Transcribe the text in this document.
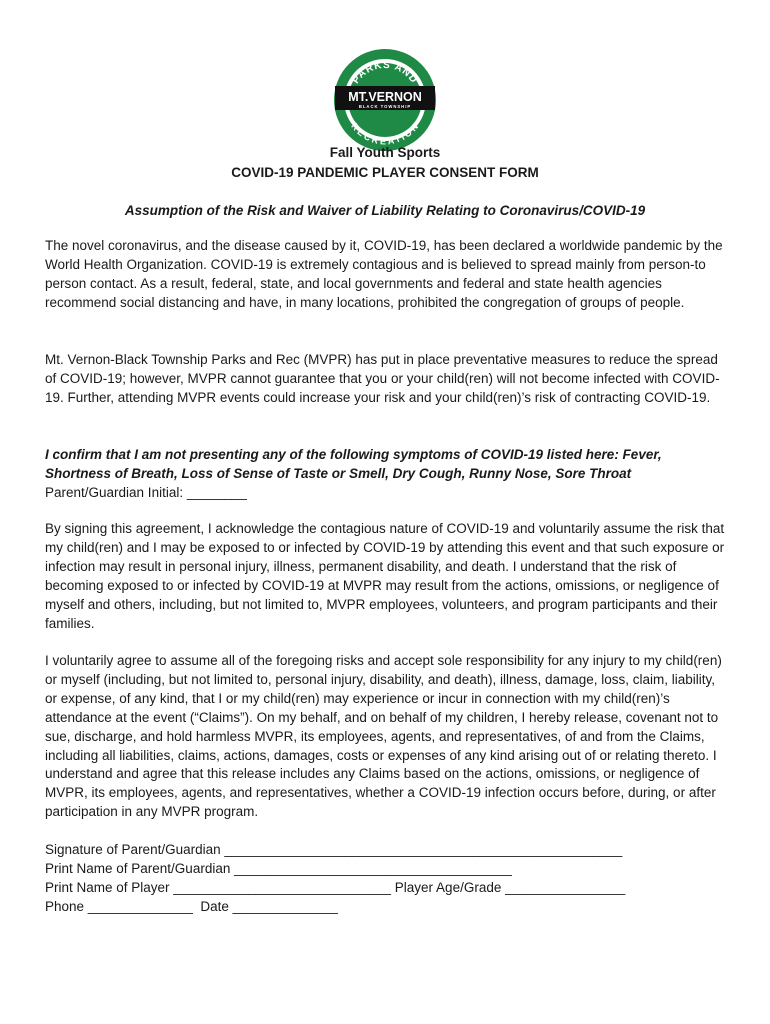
PARKS AND
RECREATION
MT.VERNON
BLACK TOWNSHIP
Fall Youth Sports
COVID-19 PANDEMIC PLAYER CONSENT FORM
Assumption of the Risk and Waiver of Liability Relating to Coronavirus/COVID-19

The novel coronavirus, and the disease caused by it, COVID-19, has been declared a worldwide pandemic by the World Health Organization. COVID-19 is extremely contagious and is believed to spread mainly from person-to person contact. As a result, federal, state, and local governments and federal and state health agencies recommend social distancing and have, in many locations, prohibited the congregation of groups of people.

Mt. Vernon-Black Township Parks and Rec (MVPR) has put in place preventative measures to reduce the spread of COVID-19; however, MVPR cannot guarantee that you or your child(ren) will not become infected with COVID-19. Further, attending MVPR events could increase your risk and your child(ren)’s risk of contracting COVID-19.

I confirm that I am not presenting any of the following symptoms of COVID-19 listed here: Fever, Shortness of Breath, Loss of Sense of Taste or Smell, Dry Cough, Runny Nose, Sore Throat
Parent/Guardian Initial: ________

By signing this agreement, I acknowledge the contagious nature of COVID-19 and voluntarily assume the risk that my child(ren) and I may be exposed to or infected by COVID-19 by attending this event and that such exposure or infection may result in personal injury, illness, permanent disability, and death. I understand that the risk of becoming exposed to or infected by COVID-19 at MVPR may result from the actions, omissions, or negligence of myself and others, including, but not limited to, MVPR employees, volunteers, and program participants and their families.

I voluntarily agree to assume all of the foregoing risks and accept sole responsibility for any injury to my child(ren) or myself (including, but not limited to, personal injury, disability, and death), illness, damage, loss, claim, liability, or expense, of any kind, that I or my child(ren) may experience or incur in connection with my child(ren)’s attendance at the event (“Claims”). On my behalf, and on behalf of my children, I hereby release, covenant not to sue, discharge, and hold harmless MVPR, its employees, agents, and representatives, of and from the Claims, including all liabilities, claims, actions, damages, costs or expenses of any kind arising out of or relating thereto. I understand and agree that this release includes any Claims based on the actions, omissions, or negligence of MVPR, its employees, agents, and representatives, whether a COVID-19 infection occurs before, during, or after participation in any MVPR program.

Signature of Parent/Guardian _____________________________________________________
Print Name of Parent/Guardian _____________________________________
Print Name of Player _____________________________ Player Age/Grade ________________
Phone ______________  Date ______________
